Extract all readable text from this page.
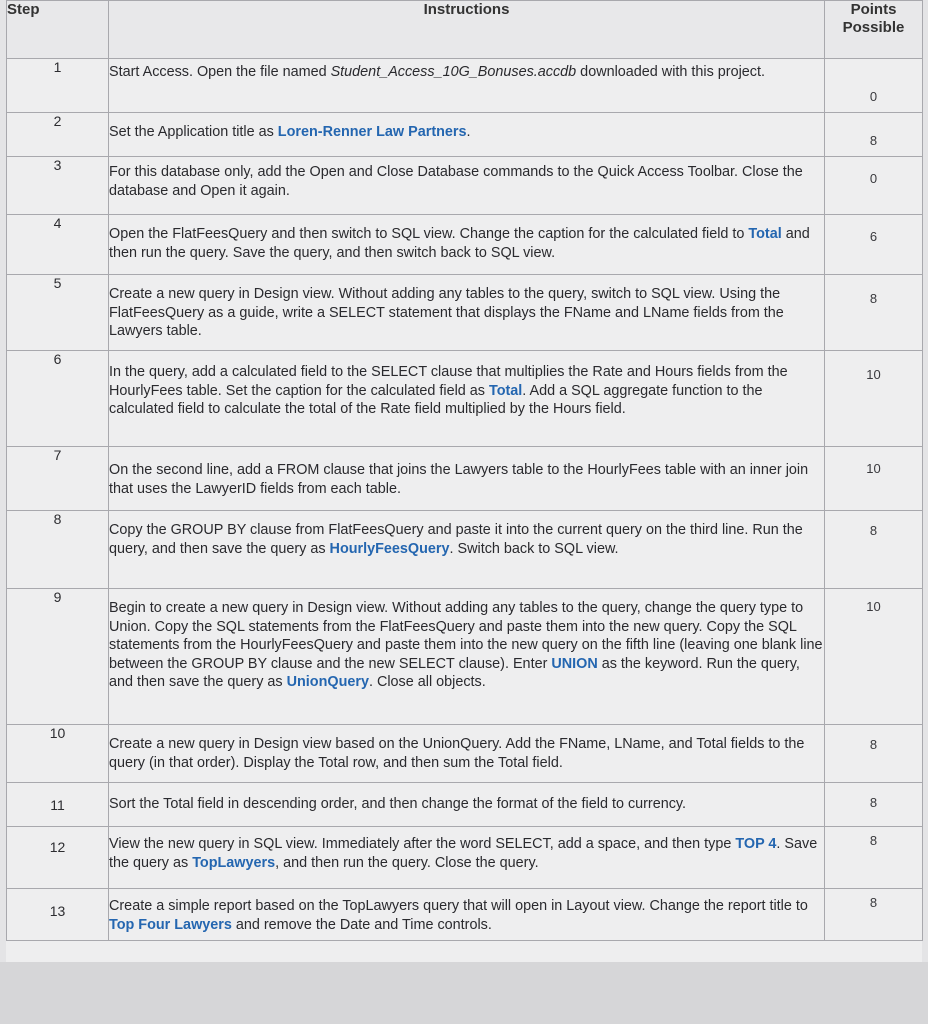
Step	Instructions	Points Possible
1	Start Access. Open the file named Student_Access_10G_Bonuses.accdb downloaded with this project.	0
2	Set the Application title as Loren-Renner Law Partners.	8
3	For this database only, add the Open and Close Database commands to the Quick Access Toolbar. Close the database and Open it again.	0
4	Open the FlatFeesQuery and then switch to SQL view. Change the caption for the calculated field to Total and then run the query. Save the query, and then switch back to SQL view.	6
5	Create a new query in Design view. Without adding any tables to the query, switch to SQL view. Using the FlatFeesQuery as a guide, write a SELECT statement that displays the FName and LName fields from the Lawyers table.	8
6	In the query, add a calculated field to the SELECT clause that multiplies the Rate and Hours fields from the HourlyFees table. Set the caption for the calculated field as Total. Add a SQL aggregate function to the calculated field to calculate the total of the Rate field multiplied by the Hours field.	10
7	On the second line, add a FROM clause that joins the Lawyers table to the HourlyFees table with an inner join that uses the LawyerID fields from each table.	10
8	Copy the GROUP BY clause from FlatFeesQuery and paste it into the current query on the third line. Run the query, and then save the query as HourlyFeesQuery. Switch back to SQL view.	8
9	Begin to create a new query in Design view. Without adding any tables to the query, change the query type to Union. Copy the SQL statements from the FlatFeesQuery and paste them into the new query. Copy the SQL statements from the HourlyFeesQuery and paste them into the new query on the fifth line (leaving one blank line between the GROUP BY clause and the new SELECT clause). Enter UNION as the keyword. Run the query, and then save the query as UnionQuery. Close all objects.	10
10	Create a new query in Design view based on the UnionQuery. Add the FName, LName, and Total fields to the query (in that order). Display the Total row, and then sum the Total field.	8
11	Sort the Total field in descending order, and then change the format of the field to currency.	8
12	View the new query in SQL view. Immediately after the word SELECT, add a space, and then type TOP 4. Save the query as TopLawyers, and then run the query. Close the query.	8
13	Create a simple report based on the TopLawyers query that will open in Layout view. Change the report title to Top Four Lawyers and remove the Date and Time controls.	8
